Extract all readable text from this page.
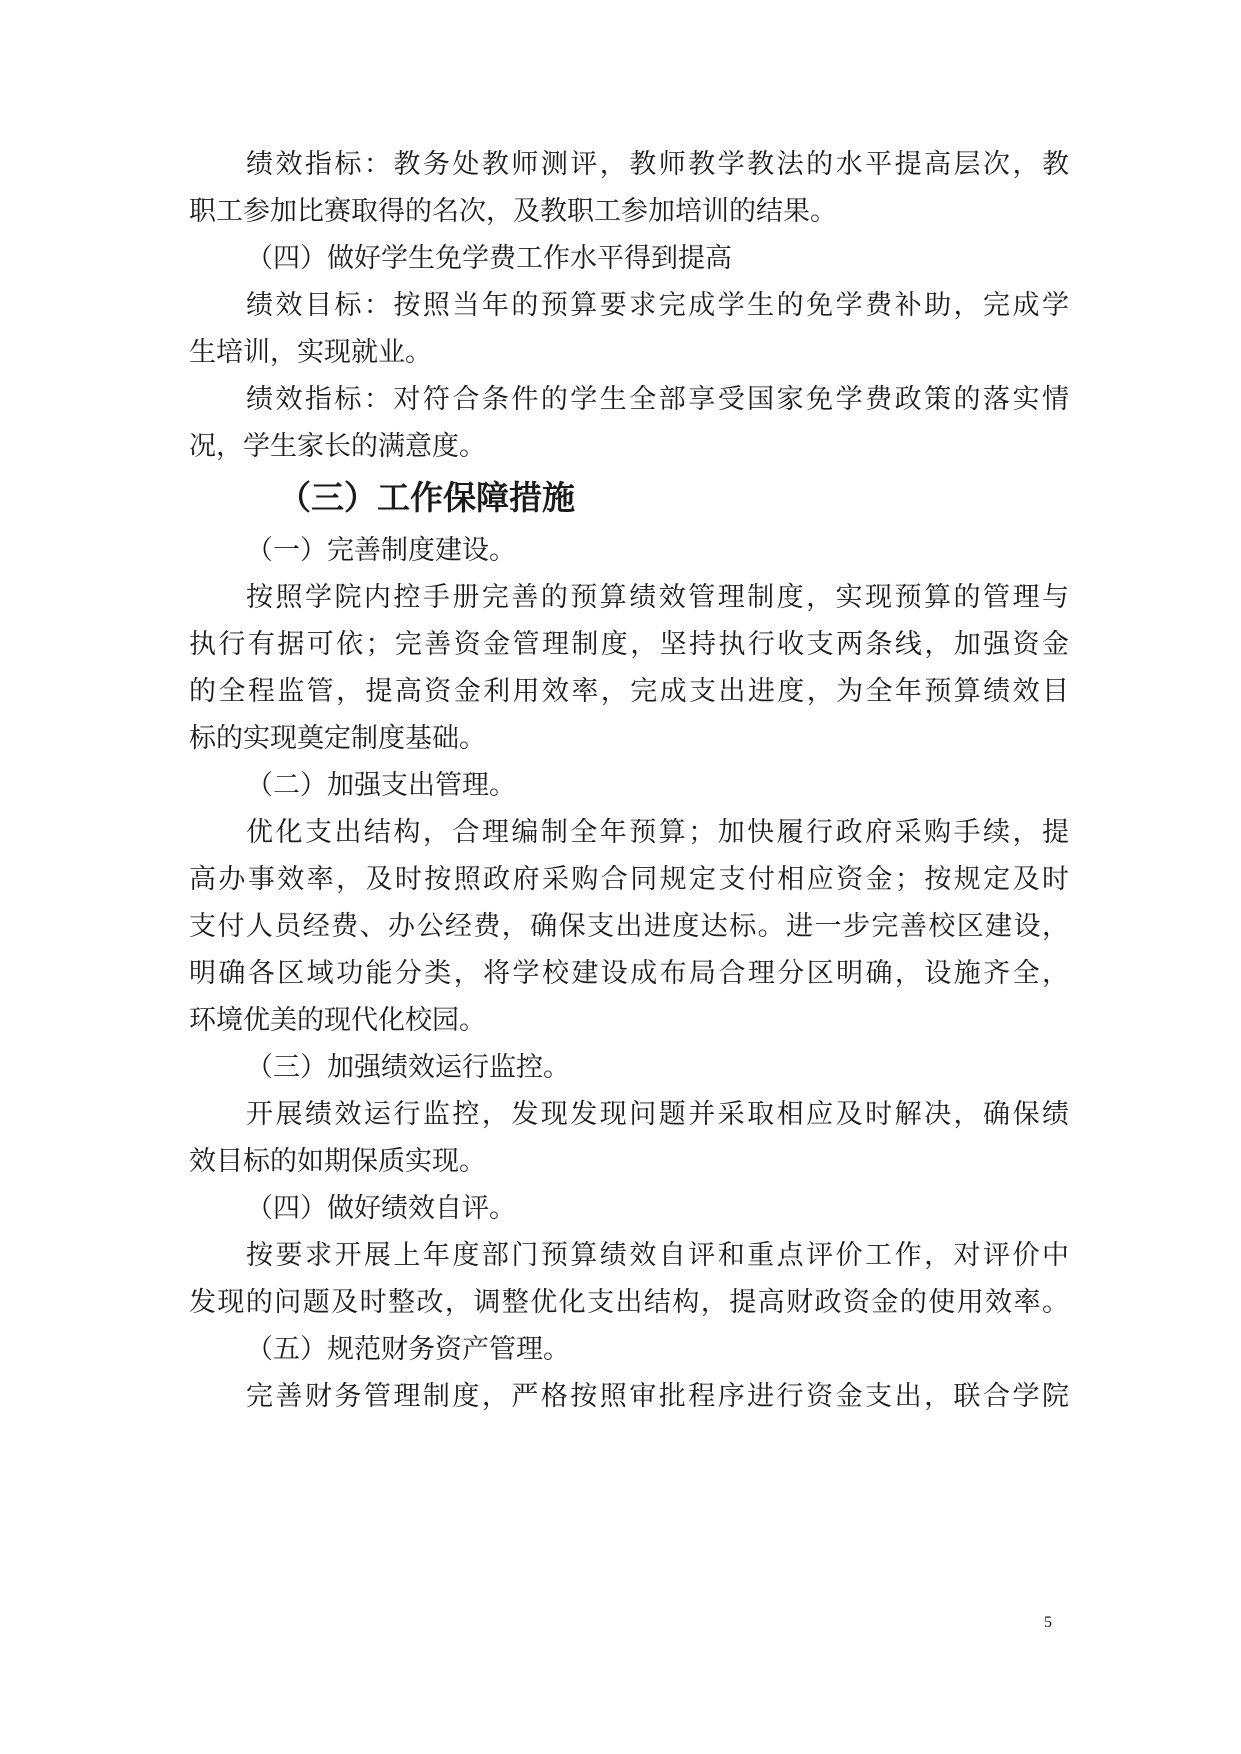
绩效指标：教务处教师测评，教师教学教法的水平提高层次，教
职工参加比赛取得的名次，及教职工参加培训的结果。
（四）做好学生免学费工作水平得到提高
绩效目标：按照当年的预算要求完成学生的免学费补助，完成学
生培训，实现就业。
绩效指标：对符合条件的学生全部享受国家免学费政策的落实情
况，学生家长的满意度。
（三）工作保障措施
（一）完善制度建设。
按照学院内控手册完善的预算绩效管理制度，实现预算的管理与
执行有据可依；完善资金管理制度，坚持执行收支两条线，加强资金
的全程监管，提高资金利用效率，完成支出进度，为全年预算绩效目
标的实现奠定制度基础。
（二）加强支出管理。
优化支出结构，合理编制全年预算；加快履行政府采购手续，提
高办事效率，及时按照政府采购合同规定支付相应资金；按规定及时
支付人员经费、办公经费，确保支出进度达标。进一步完善校区建设，
明确各区域功能分类，将学校建设成布局合理分区明确，设施齐全，
环境优美的现代化校园。
（三）加强绩效运行监控。
开展绩效运行监控，发现发现问题并采取相应及时解决，确保绩
效目标的如期保质实现。
（四）做好绩效自评。
按要求开展上年度部门预算绩效自评和重点评价工作，对评价中
发现的问题及时整改，调整优化支出结构，提高财政资金的使用效率。
（五）规范财务资产管理。
完善财务管理制度，严格按照审批程序进行资金支出，联合学院
5
